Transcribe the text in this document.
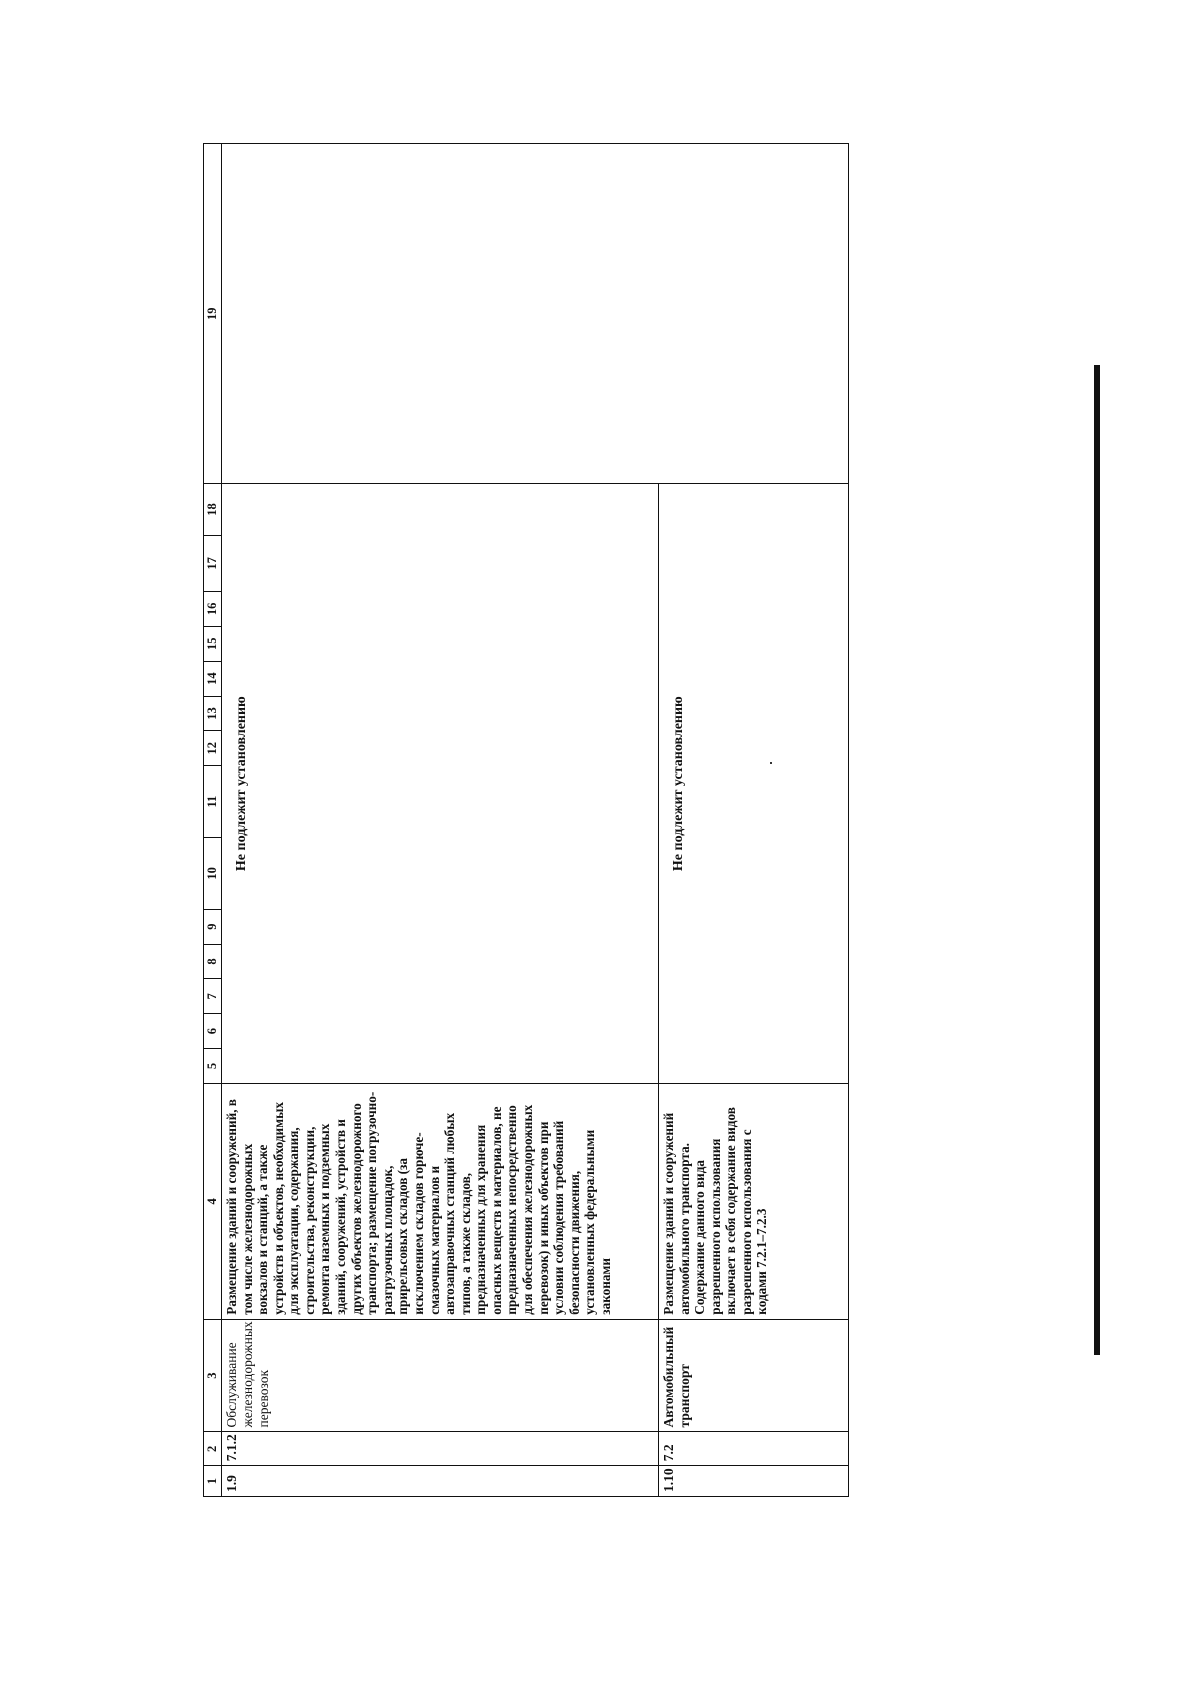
1	2	3	4	5	6	7	8	9	10	11	12	13	14	15	16	17	18	19
1.9	7.1.2	Обслуживание железнодорожных перевозок	Размещение зданий и сооружений, в том числе железнодорожных вокзалов и станций, а также устройств и объектов, необходимых для эксплуатации, содержания, строительства, реконструкции, ремонта наземных и подземных зданий, сооружений, устройств и других объектов железнодорожного транспорта; размещение погрузочно-разгрузочных площадок, прирельсовых складов (за исключением складов горюче-смазочных материалов и автозаправочных станций любых типов, а также складов, предназначенных для хранения опасных веществ и материалов, не предназначенных непосредственно для обеспечения железнодорожных перевозок) и иных объектов при условии соблюдения требований безопасности движения, установленных федеральными законами	Не подлежит установлению														
1.10	7.2	Автомобильный транспорт	Размещение зданий и сооружений автомобильного транспорта. Содержание данного вида разрешенного использования включает в себя содержание видов разрешенного использования с кодами 7.2.1–7.2.3	Не подлежит установлению														
